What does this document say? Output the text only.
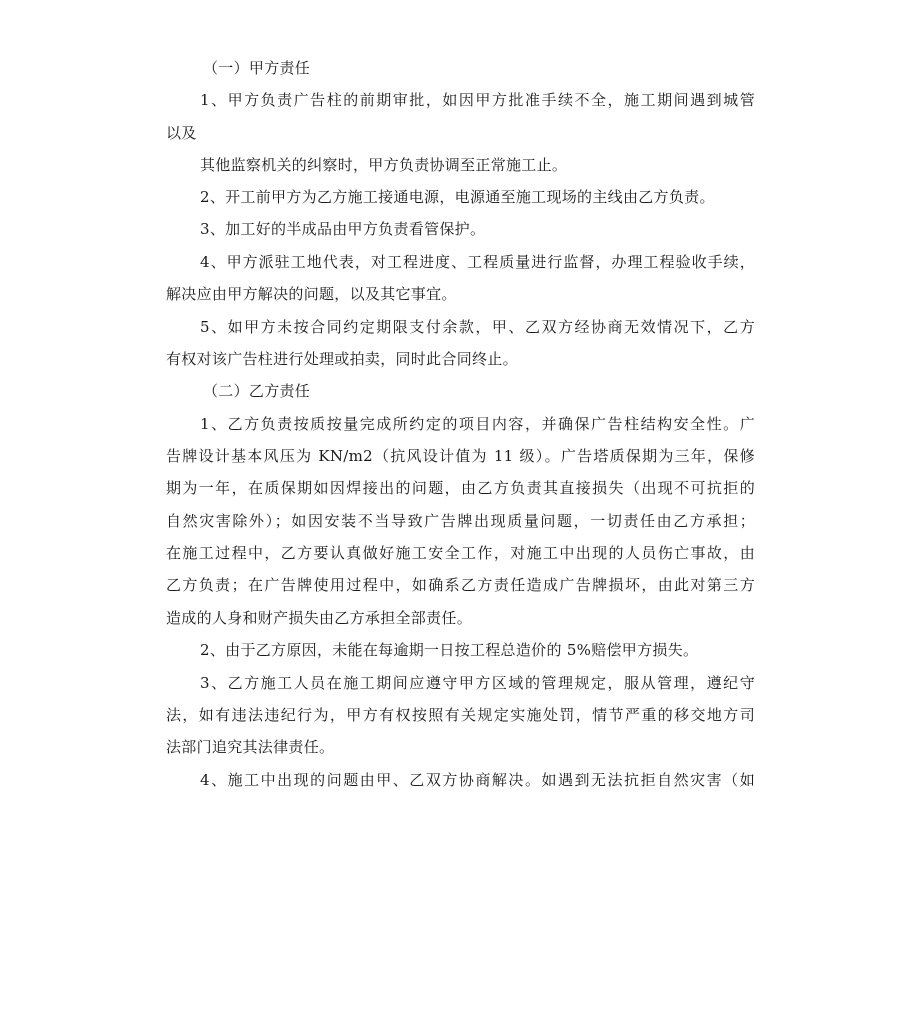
（一）甲方责任
1、甲方负责广告柱的前期审批，如因甲方批准手续不全，施工期间遇到城管
以及
其他监察机关的纠察时，甲方负责协调至正常施工止。
2、开工前甲方为乙方施工接通电源，电源通至施工现场的主线由乙方负责。
3、加工好的半成品由甲方负责看管保护。
4、甲方派驻工地代表，对工程进度、工程质量进行监督，办理工程验收手续，
解决应由甲方解决的问题，以及其它事宜。
5、如甲方未按合同约定期限支付余款，甲、乙双方经协商无效情况下，乙方
有权对该广告柱进行处理或拍卖，同时此合同终止。
（二）乙方责任
1、乙方负责按质按量完成所约定的项目内容，并确保广告柱结构安全性。广
告牌设计基本风压为 KN/m2（抗风设计值为 11 级）。广告塔质保期为三年，保修
期为一年，在质保期如因焊接出的问题，由乙方负责其直接损失（出现不可抗拒的
自然灾害除外）；如因安装不当导致广告牌出现质量问题，一切责任由乙方承担；
在施工过程中，乙方要认真做好施工安全工作，对施工中出现的人员伤亡事故，由
乙方负责；在广告牌使用过程中，如确系乙方责任造成广告牌损坏，由此对第三方
造成的人身和财产损失由乙方承担全部责任。
2、由于乙方原因，未能在每逾期一日按工程总造价的 5%赔偿甲方损失。
3、乙方施工人员在施工期间应遵守甲方区域的管理规定，服从管理，遵纪守
法，如有违法违纪行为，甲方有权按照有关规定实施处罚，情节严重的移交地方司
法部门追究其法律责任。
4、施工中出现的问题由甲、乙双方协商解决。如遇到无法抗拒自然灾害（如
